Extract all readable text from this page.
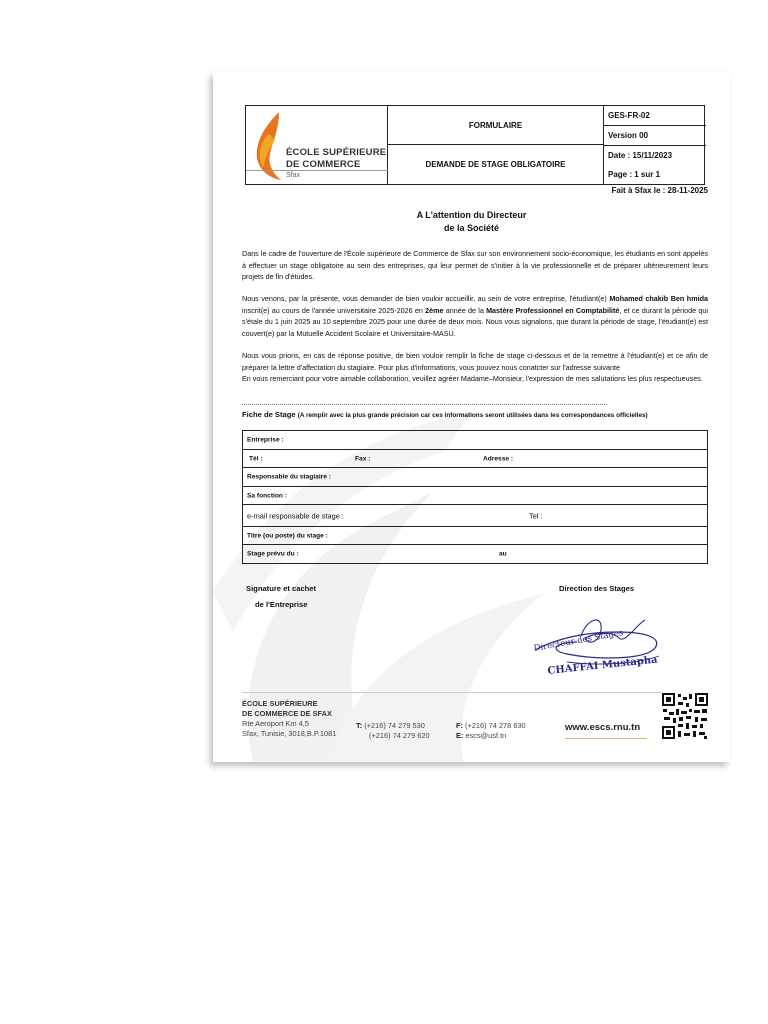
ÉCOLE SUPÉRIEURE
DE COMMERCE
Sfax
FORMULAIRE
DEMANDE DE STAGE OBLIGATOIRE
GES-FR-02
Version 00
Date : 15/11/2023
Page : 1 sur 1
Fait à Sfax le : 28-11-2025
A L'attention du Directeur
de la Société
Dans le cadre de l'ouverture de l'École supérieure de Commerce de Sfax sur son environnement socio-économique, les étudiants en sont appelés à effectuer un stage obligatoire au sein des entreprises, qui leur permet de s'initier à la vie professionnelle et de préparer ultérieurement leurs projets de fin d'études.
Nous venons, par la présente, vous demander de bien vouloir accueillir, au sein de votre entreprise, l'étudiant(e) Mohamed chakib Ben hmida inscrit(e) au cours de l'année universitaire 2025-2026 en 2ème année de la Mastère Professionnel en Comptabilité, et ce durant la période qui s'étale du 1 juin 2025 au 10 septembre 2025 pour une durée de deux mois. Nous vous signalons, que durant la période de stage, l'étudiant(e) est couvert(e) par la Mutuelle Accident Scolaire et Universitaire-MASU.
Nous vous prions, en cas de réponse positive, de bien vouloir remplir la fiche de stage ci-dessous et de la remettre à l'étudiant(e) et ce afin de préparer la lettre d'affectation du stagiaire. Pour plus d'informations, vous pouvez nous conatcter sur l'adresse suivanteEn vous remerciant pour votre aimable collaboration, veuillez agréer Madame–Monsieur, l'expression de mes salutations les plus respectueuses.
Fiche de Stage (A remplir avec la plus grande précision car ces informations seront utilisées dans les correspondances officielles)
Entreprise :
Tél :	Fax :	Adresse :
Responsable du stagiaire :
Sa fonction :
e-mail responsable de stage :	Tel :
Titre (ou poste) du stage :
Stage prévu du :	au
Signature et cachet
de l'Entreprise
Direction des Stages
Directeur des Stages
CHAFFAI Mustapha
ÉCOLE SUPÉRIEURE
DE COMMERCE DE SFAX
Rte Aeroport Km 4,5
Sfax, Tunisie, 3018,B.P.1081
T: (+216) 74 279 530
(+216) 74 279 620
F: (+216) 74 278 630
E: escs@usf.tn
www.escs.rnu.tn
